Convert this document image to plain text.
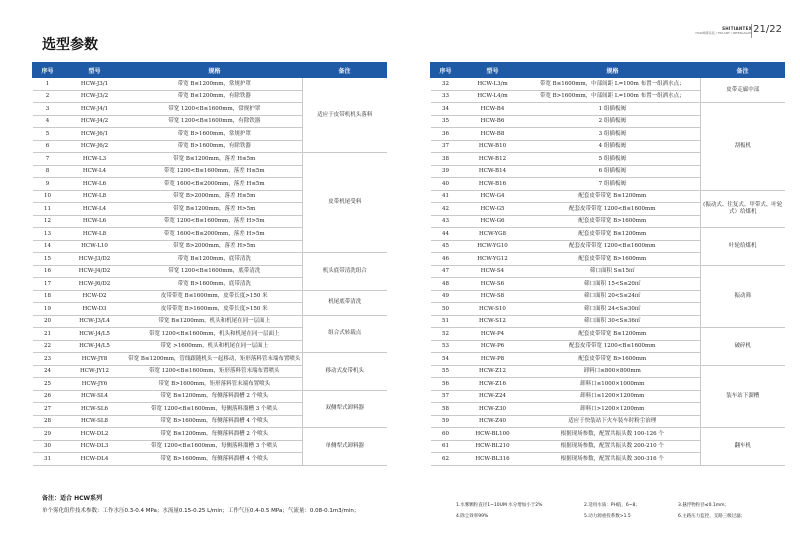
选型参数
SHITIANTEX
HCW喷雾系统 / TIN-ANT / INTERLAGOS 21/22
序号	型号	规格	备注
1	HCW-J3/1	带宽 B≤1200mm，常规护罩	适应于皮带机机头落料
2	HCW-J3/2	带宽 B≤1200mm，有除铁器	
3	HCW-J4/1	带宽 1200<B≤1600mm，常规护罩	
4	HCW-J4/2	带宽 1200<B≤1600mm，有除铁器	
5	HCW-J6/1	带宽 B>1600mm，常规护罩	
6	HCW-J6/2	带宽 B>1600mm，有除铁器	
7	HCW-L3	带宽 B≤1200mm，落差 H≤5m	皮带机尾受料
8	HCW-L4	带宽 1200<B≤1600mm，落差 H≤5m	
9	HCW-L6	带宽 1600<B≤2000mm，落差 H≤5m	
10	HCW-L8	带宽 B>2000mm，落差 H≤5m	
11	HCW-L4	带宽 B≤1200mm，落差 H>5m	
12	HCW-L6	带宽 1200<B≤1600mm，落差 H>5m	
13	HCW-L8	带宽 1600<B≤2000mm，落差 H>5m	
14	HCW-L10	带宽 B>2000mm，落差 H>5m	
15	HCW-J3/D2	带宽 B≤1200mm，底带清洗	机头底带清洗组合
16	HCW-J4/D2	带宽 1200<B≤1600mm，底带清洗	
17	HCW-J6/D2	带宽 B>1600mm，底带清洗	
18	HCW-D2	皮带带宽 B≤1600mm，皮带长度>150 米	机尾底带清洗
19	HCW-D3	皮带带宽 B>1600mm，皮带长度>150 米	
20	HCW-J3/L4	带宽 B≤1200mm，机头和机尾在同一层面上	组合式转载点
21	HCW-J4/L5	带宽 1200<B≤1600mm，机头和机尾在同一层面上	
22	HCW-J4/L5	带宽 >1600mm，机头和机尾在同一层面上	
23	HCW-JY8	带宽 B≤1200mm，管线跟随机头一起移动，矩形落料管末端布置喷头	移动式皮带机头
24	HCW-JY12	带宽 1200<B≤1600mm，矩形落料管末端布置喷头	
25	HCW-JY6	带宽 B>1600mm，矩形落料管末端布置喷头	
26	HCW-SL4	带宽 B≤1200mm，每侧落料溜槽 2 个喷头	双侧犁式卸料器
27	HCW-SL6	带宽 1200<B≤1600mm，每侧落料溜槽 3 个喷头	
28	HCW-SL8	带宽 B>1600mm，每侧落料溜槽 4 个喷头	
29	HCW-DL2	带宽 B≤1200mm，每侧落料溜槽 2 个喷头	单侧犁式卸料器
30	HCW-DL3	带宽 1200<B≤1600mm，每侧落料溜槽 3 个喷头	
31	HCW-DL4	带宽 B>1600mm，每侧落料溜槽 4 个喷头	
序号	型号	规格	备注
32	HCW-L3/m	带宽 B≤1600mm，中部间距 L=100m 布置一组洒水点；	皮带走廊中部
33	HCW-L4/m	带宽 B>1600mm，中部间距 L=100m 布置一组洒水点；	
34	HCW-B4	1 组插板阀	刮板机
35	HCW-B6	2 组插板阀	
36	HCW-B8	3 组插板阀	
37	HCW-B10	4 组插板阀	
38	HCW-B12	5 组插板阀	
39	HCW-B14	6 组插板阀	
40	HCW-B16	7 组插板阀	
41	HCW-G4	配套皮带带宽 B≤1200mm	(振动式、往复式、甲带式、叶轮式）给煤机
42	HCW-G5	配套皮带带宽 1200<B≤1600mm	
43	HCW-G6	配套皮带带宽 B>1600mm	
44	HCW-YG8	配套皮带带宽 B≤1200mm	叶轮给煤机
45	HCW-YG10	配套皮带带宽 1200<B≤1600mm	
46	HCW-YG12	配套皮带带宽 B>1600mm	
47	HCW-S4	筛口面积 S≤15㎡	振动筛
48	HCW-S6	筛口面积 15<S≤20㎡	
49	HCW-S8	筛口面积 20<S≤24㎡	
50	HCW-S10	筛口面积 24<S≤30㎡	
51	HCW-S12	筛口面积 30<S≤36㎡	
52	HCW-P4	配套皮带带宽 B≤1200mm	破碎机
53	HCW-P6	配套皮带带宽 1200<B≤1600mm	
54	HCW-P8	配套皮带带宽 B>1600mm	
55	HCW-Z12	卸料口≤800×800mm	装车站下溜槽
56	HCW-Z16	卸料口≤1000×1000mm	
57	HCW-Z24	卸料口≤1200×1200mm	
58	HCW-Z30	卸料口>1200×1200mm	
59	HCW-Z40	适应于快装站下火车装车时粉尘治理	
60	HCW-BL100	根据现场参数，配置共振头数 100-126 个	翻车机
61	HCW-BL210	根据现场参数，配置共振头数 200-210 个	
62	HCW-BL316	根据现场参数，配置共振头数 300-316 个	
备注：适合 HCW系列
单个雾化组件技术参数：工作水压0.3-0.4 MPa；水流量0.15-0.25 L/min；工作气压0.4-0.5 MPa；气流量：0.08-0.1m3/min；
1.水雾颗粒直径1~10UM 水分增加小于2%	2.适用水质：PH值，6~8；	3.悬浮物粒径≤0.1mm；
4.除尘效率99%	5.动力源重投系数>1.5	6.主路压力监控，支路三级过滤；
